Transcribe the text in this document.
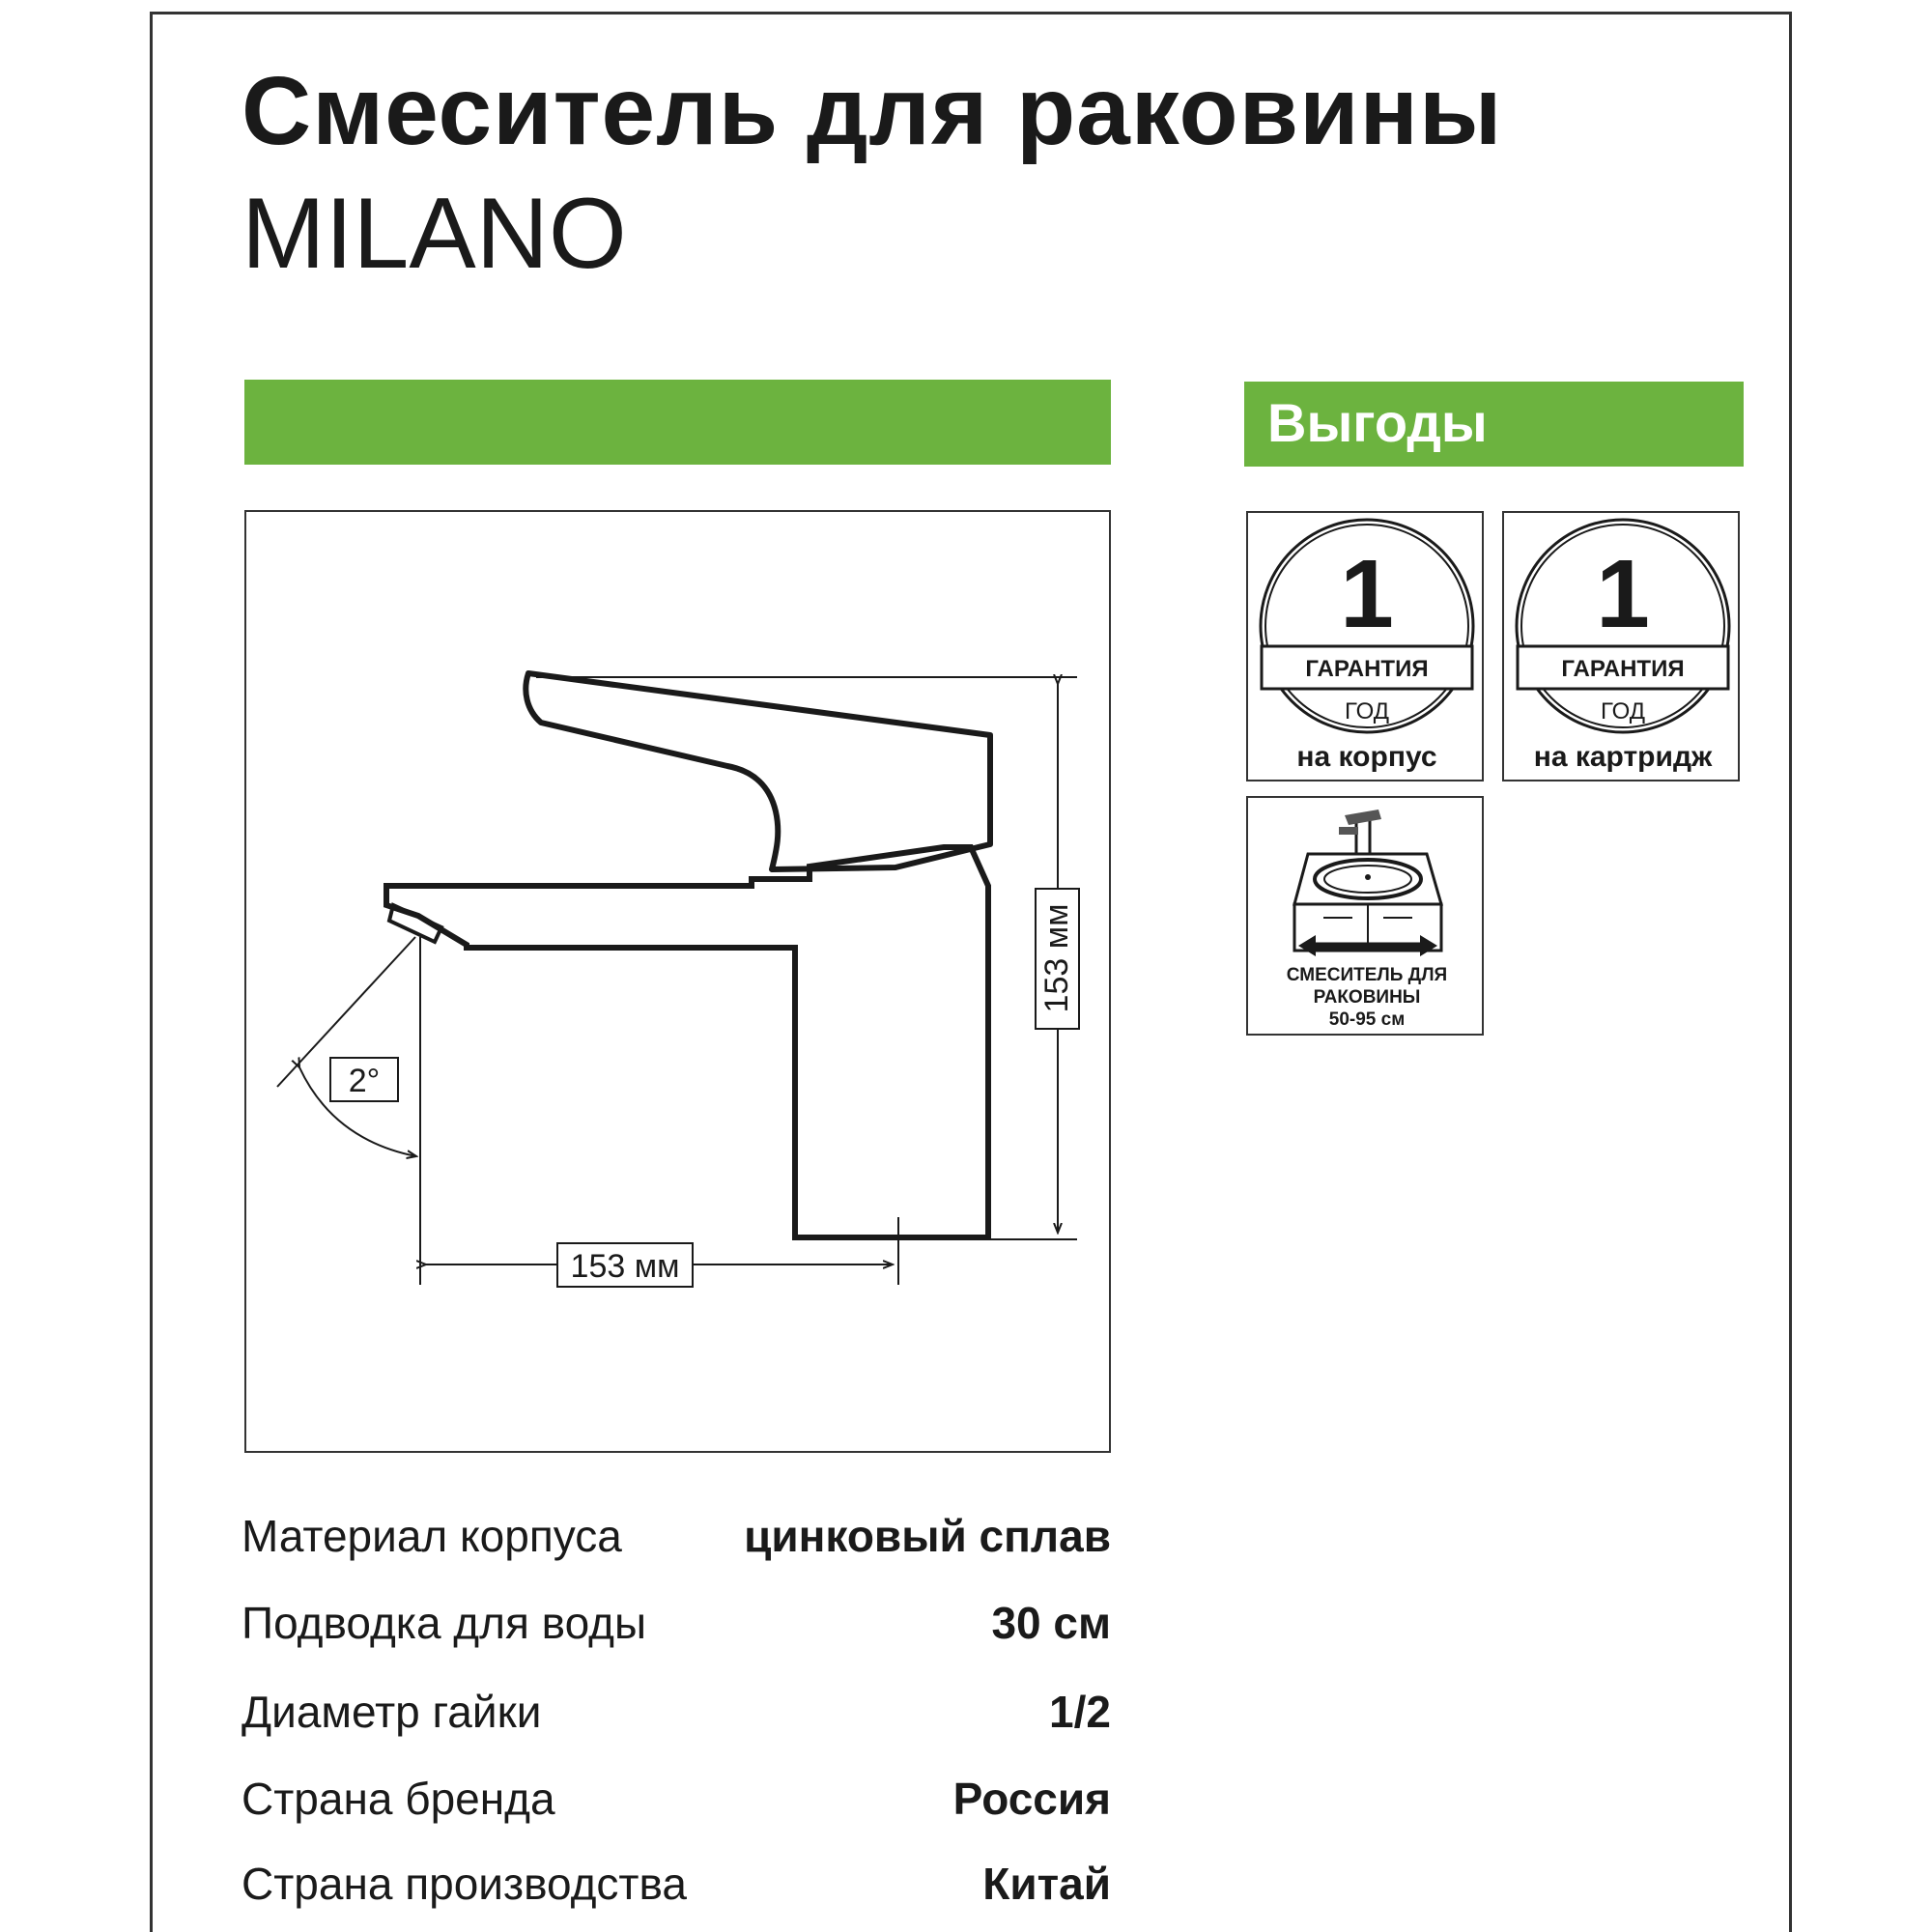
Смеситель для раковины
MILANO
Выгоды
153 мм
153 мм
2°
1
ГАРАНТИЯ
ГОД
на корпус
1
ГАРАНТИЯ
ГОД
на картридж
СМЕСИТЕЛЬ ДЛЯ
РАКОВИНЫ
50-95 см
Материал корпуса	цинковый сплав
Подводка для воды	30 см
Диаметр гайки	1/2
Страна бренда	Россия
Страна производства	Китай
